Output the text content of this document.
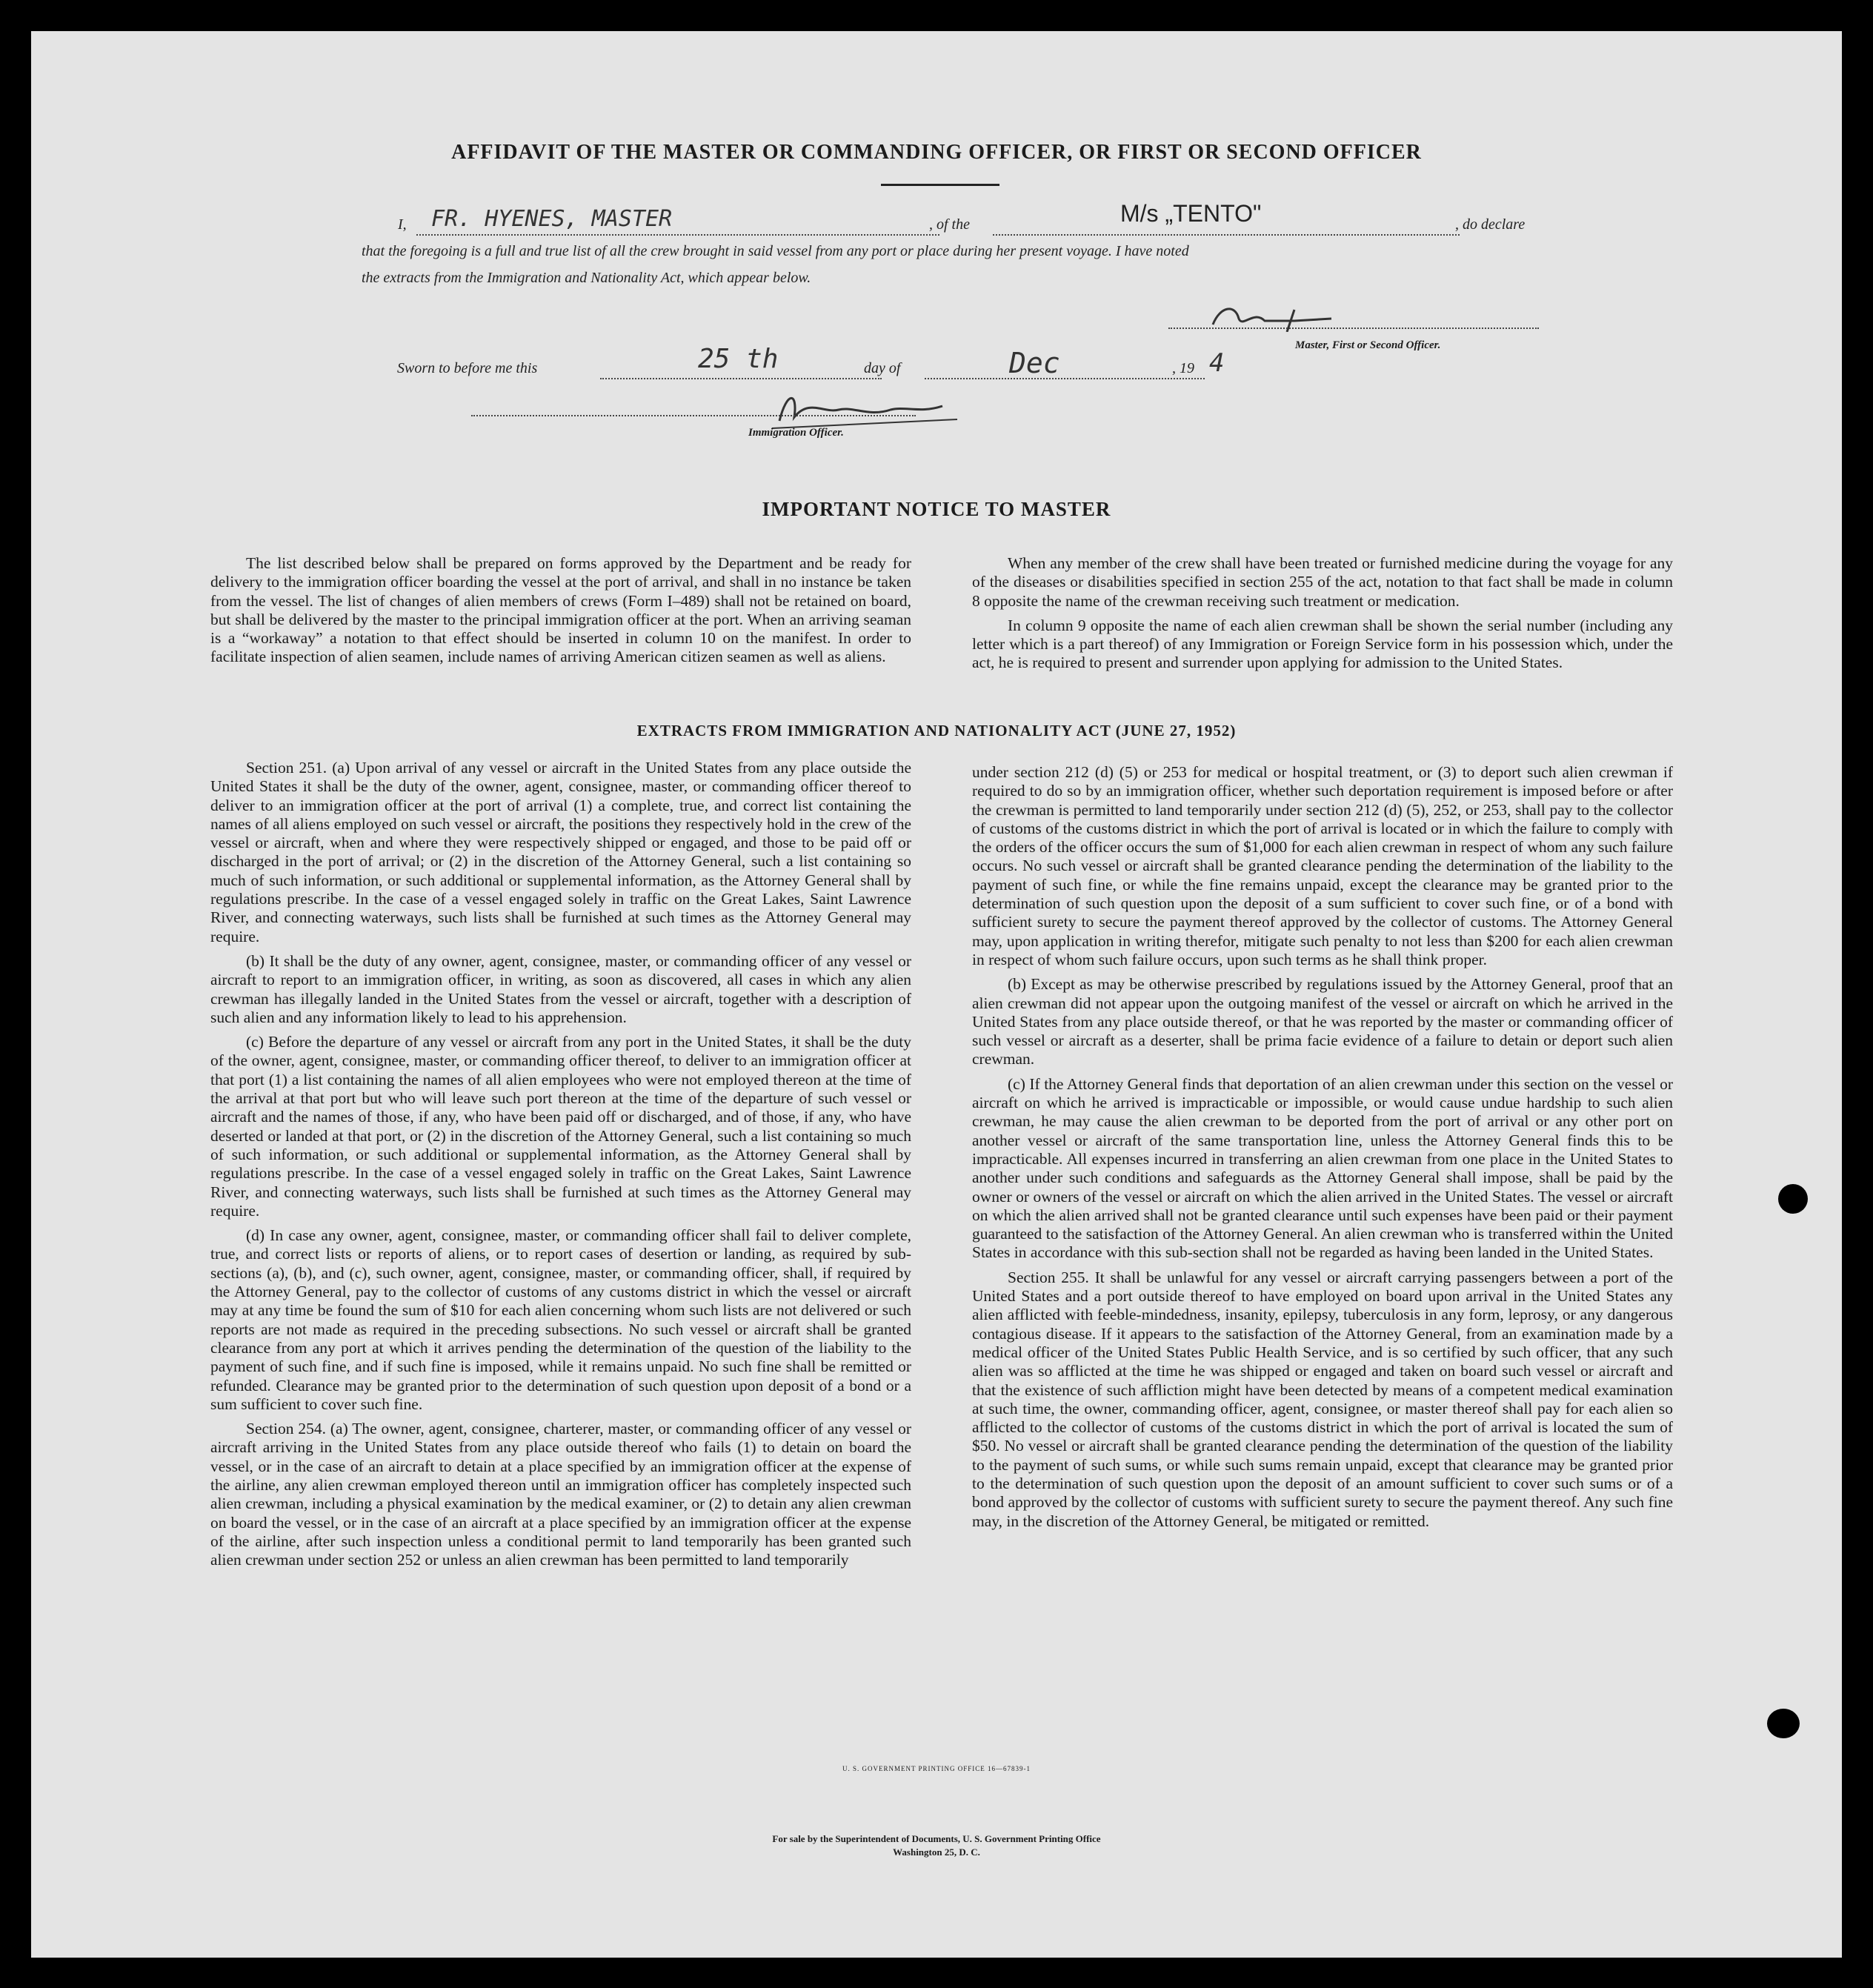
AFFIDAVIT OF THE MASTER OR COMMANDING OFFICER, OR FIRST OR SECOND OFFICER
I, FR. HYENES, MASTER	, of the	M/s „TENTO"	, do declare
that the foregoing is a full and true list of all the crew brought in said vessel from any port or place during her present voyage. I have noted
the extracts from the Immigration and Nationality Act, which appear below.
Master, First or Second Officer.
Sworn to before me this	25 th	day of	Dec	, 19 4
Immigration Officer.
IMPORTANT NOTICE TO MASTER

The list described below shall be prepared on forms approved by the Department and be ready for delivery to the immigration officer boarding the vessel at the port of arrival, and shall in no instance be taken from the vessel. The list of changes of alien members of crews (Form I–489) shall not be retained on board, but shall be delivered by the master to the principal immigration officer at the port. When an arriving seaman is a “workaway” a notation to that effect should be inserted in column 10 on the manifest. In order to facilitate inspection of alien seamen, include names of arriving American citizen seamen as well as aliens.

When any member of the crew shall have been treated or furnished medicine during the voyage for any of the diseases or disabilities specified in section 255 of the act, notation to that fact shall be made in column 8 opposite the name of the crewman receiving such treatment or medication.

In column 9 opposite the name of each alien crewman shall be shown the serial number (including any letter which is a part thereof) of any Immigration or Foreign Service form in his possession which, under the act, he is required to present and surrender upon applying for admission to the United States.

EXTRACTS FROM IMMIGRATION AND NATIONALITY ACT (JUNE 27, 1952)

Section 251. (a) Upon arrival of any vessel or aircraft in the United States from any place outside the United States it shall be the duty of the owner, agent, consignee, master, or commanding officer thereof to deliver to an immigration officer at the port of arrival (1) a complete, true, and correct list containing the names of all aliens employed on such vessel or aircraft, the positions they respectively hold in the crew of the vessel or aircraft, when and where they were respectively shipped or engaged, and those to be paid off or discharged in the port of arrival; or (2) in the discretion of the Attorney General, such a list containing so much of such information, or such additional or supplemental information, as the Attorney General shall by regulations prescribe. In the case of a vessel engaged solely in traffic on the Great Lakes, Saint Lawrence River, and connecting waterways, such lists shall be furnished at such times as the Attorney General may require.

(b) It shall be the duty of any owner, agent, consignee, master, or commanding officer of any vessel or aircraft to report to an immigration officer, in writing, as soon as discovered, all cases in which any alien crewman has illegally landed in the United States from the vessel or aircraft, together with a description of such alien and any information likely to lead to his apprehension.

(c) Before the departure of any vessel or aircraft from any port in the United States, it shall be the duty of the owner, agent, consignee, master, or commanding officer thereof, to deliver to an immigration officer at that port (1) a list containing the names of all alien employees who were not employed thereon at the time of the arrival at that port but who will leave such port thereon at the time of the departure of such vessel or aircraft and the names of those, if any, who have been paid off or discharged, and of those, if any, who have deserted or landed at that port, or (2) in the discretion of the Attorney General, such a list containing so much of such information, or such additional or supplemental information, as the Attorney General shall by regulations prescribe. In the case of a vessel engaged solely in traffic on the Great Lakes, Saint Lawrence River, and connecting waterways, such lists shall be furnished at such times as the Attorney General may require.

(d) In case any owner, agent, consignee, master, or commanding officer shall fail to deliver complete, true, and correct lists or reports of aliens, or to report cases of desertion or landing, as required by sub-sections (a), (b), and (c), such owner, agent, consignee, master, or commanding officer, shall, if required by the Attorney General, pay to the collector of customs of any customs district in which the vessel or aircraft may at any time be found the sum of $10 for each alien concerning whom such lists are not delivered or such reports are not made as required in the preceding subsections. No such vessel or aircraft shall be granted clearance from any port at which it arrives pending the determination of the question of the liability to the payment of such fine, and if such fine is imposed, while it remains unpaid. No such fine shall be remitted or refunded. Clearance may be granted prior to the determination of such question upon deposit of a bond or a sum sufficient to cover such fine.

Section 254. (a) The owner, agent, consignee, charterer, master, or commanding officer of any vessel or aircraft arriving in the United States from any place outside thereof who fails (1) to detain on board the vessel, or in the case of an aircraft to detain at a place specified by an immigration officer at the expense of the airline, any alien crewman employed thereon until an immigration officer has completely inspected such alien crewman, including a physical examination by the medical examiner, or (2) to detain any alien crewman on board the vessel, or in the case of an aircraft at a place specified by an immigration officer at the expense of the airline, after such inspection unless a conditional permit to land temporarily has been granted such alien crewman under section 252 or unless an alien crewman has been permitted to land temporarily

under section 212 (d) (5) or 253 for medical or hospital treatment, or (3) to deport such alien crewman if required to do so by an immigration officer, whether such deportation requirement is imposed before or after the crewman is permitted to land temporarily under section 212 (d) (5), 252, or 253, shall pay to the collector of customs of the customs district in which the port of arrival is located or in which the failure to comply with the orders of the officer occurs the sum of $1,000 for each alien crewman in respect of whom any such failure occurs. No such vessel or aircraft shall be granted clearance pending the determination of the liability to the payment of such fine, or while the fine remains unpaid, except the clearance may be granted prior to the determination of such question upon the deposit of a sum sufficient to cover such fine, or of a bond with sufficient surety to secure the payment thereof approved by the collector of customs. The Attorney General may, upon application in writing therefor, mitigate such penalty to not less than $200 for each alien crewman in respect of whom such failure occurs, upon such terms as he shall think proper.

(b) Except as may be otherwise prescribed by regulations issued by the Attorney General, proof that an alien crewman did not appear upon the outgoing manifest of the vessel or aircraft on which he arrived in the United States from any place outside thereof, or that he was reported by the master or commanding officer of such vessel or aircraft as a deserter, shall be prima facie evidence of a failure to detain or deport such alien crewman.

(c) If the Attorney General finds that deportation of an alien crewman under this section on the vessel or aircraft on which he arrived is impracticable or impossible, or would cause undue hardship to such alien crewman, he may cause the alien crewman to be deported from the port of arrival or any other port on another vessel or aircraft of the same transportation line, unless the Attorney General finds this to be impracticable. All expenses incurred in transferring an alien crewman from one place in the United States to another under such conditions and safeguards as the Attorney General shall impose, shall be paid by the owner or owners of the vessel or aircraft on which the alien arrived in the United States. The vessel or aircraft on which the alien arrived shall not be granted clearance until such expenses have been paid or their payment guaranteed to the satisfaction of the Attorney General. An alien crewman who is transferred within the United States in accordance with this sub-section shall not be regarded as having been landed in the United States.

Section 255. It shall be unlawful for any vessel or aircraft carrying passengers between a port of the United States and a port outside thereof to have employed on board upon arrival in the United States any alien afflicted with feeble-mindedness, insanity, epilepsy, tuberculosis in any form, leprosy, or any dangerous contagious disease. If it appears to the satisfaction of the Attorney General, from an examination made by a medical officer of the United States Public Health Service, and is so certified by such officer, that any such alien was so afflicted at the time he was shipped or engaged and taken on board such vessel or aircraft and that the existence of such affliction might have been detected by means of a competent medical examination at such time, the owner, commanding officer, agent, consignee, or master thereof shall pay for each alien so afflicted to the collector of customs of the customs district in which the port of arrival is located the sum of $50. No vessel or aircraft shall be granted clearance pending the determination of the question of the liability to the payment of such sums, or while such sums remain unpaid, except that clearance may be granted prior to the determination of such question upon the deposit of an amount sufficient to cover such sums or of a bond approved by the collector of customs with sufficient surety to secure the payment thereof. Any such fine may, in the discretion of the Attorney General, be mitigated or remitted.

U. S. GOVERNMENT PRINTING OFFICE 16—67839-1
For sale by the Superintendent of Documents, U. S. Government Printing Office
Washington 25, D. C.
